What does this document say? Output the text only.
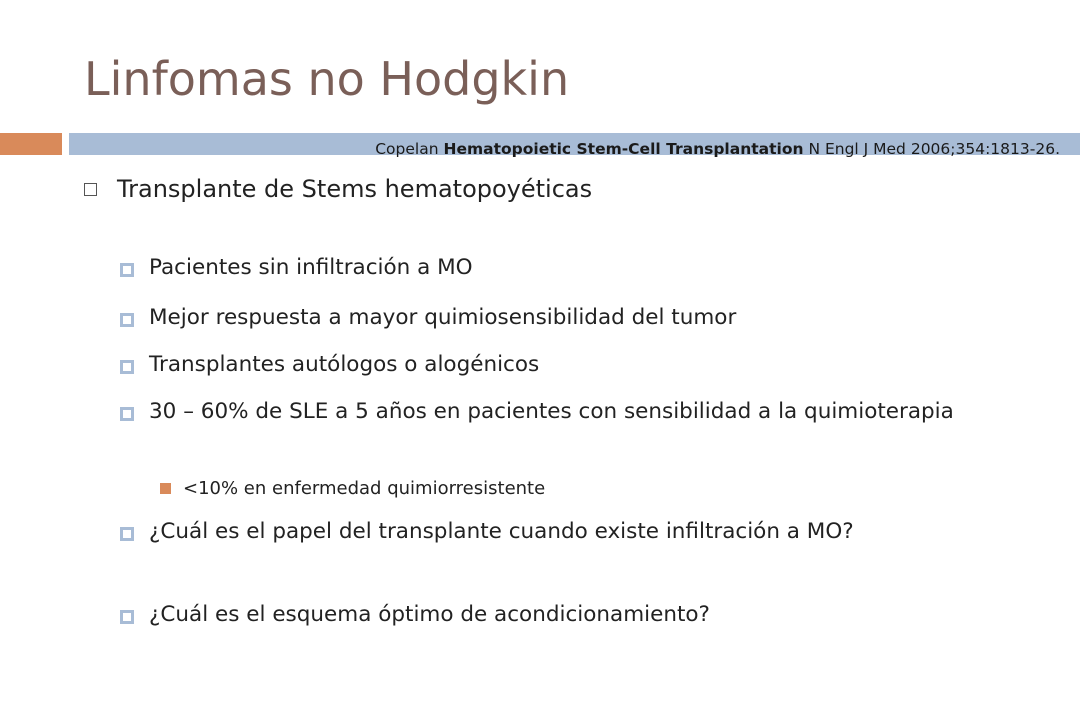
Linfomas no Hodgkin
Copelan Hematopoietic Stem-Cell Transplantation N Engl J Med 2006;354:1813-26.
Transplante de Stems hematopoyéticas
Pacientes sin infiltración a MO
Mejor respuesta a mayor quimiosensibilidad del tumor
Transplantes autólogos o alogénicos
30 – 60% de SLE a 5 años en pacientes con sensibilidad a la quimioterapia
<10% en enfermedad quimiorresistente
¿Cuál es el papel del transplante cuando existe infiltración a MO?
¿Cuál es el esquema óptimo de acondicionamiento?
